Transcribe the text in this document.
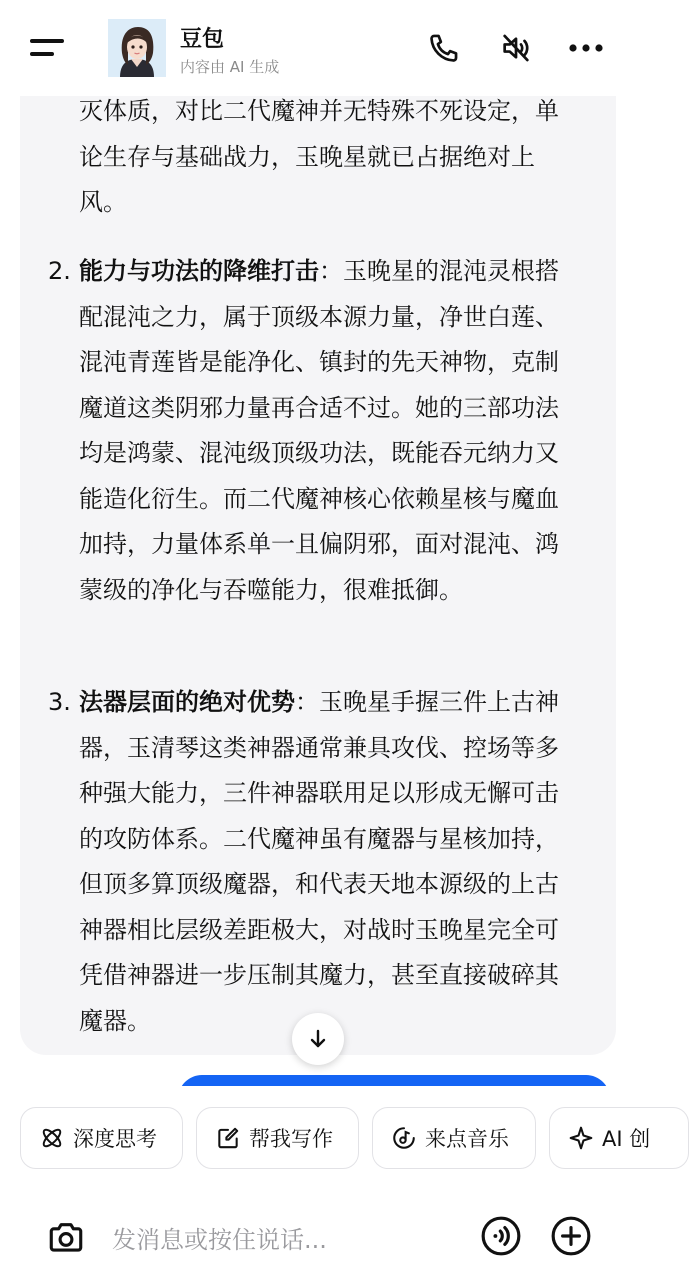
豆包
内容由 AI 生成
灭体质，对比二代魔神并无特殊不死设定，单论生存与基础战力，玉晚星就已占据绝对上风。
2. 能力与功法的降维打击：玉晚星的混沌灵根搭配混沌之力，属于顶级本源力量，净世白莲、混沌青莲皆是能净化、镇封的先天神物，克制魔道这类阴邪力量再合适不过。她的三部功法均是鸿蒙、混沌级顶级功法，既能吞元纳力又能造化衍生。而二代魔神核心依赖星核与魔血加持，力量体系单一且偏阴邪，面对混沌、鸿蒙级的净化与吞噬能力，很难抵御。
3. 法器层面的绝对优势：玉晚星手握三件上古神器，玉清琴这类神器通常兼具攻伐、控场等多种强大能力，三件神器联用足以形成无懈可击的攻防体系。二代魔神虽有魔器与星核加持，但顶多算顶级魔器，和代表天地本源级的上古神器相比层级差距极大，对战时玉晚星完全可凭借神器进一步压制其魔力，甚至直接破碎其魔器。
深度思考	帮我写作	来点音乐	AI 创
发消息或按住说话...
